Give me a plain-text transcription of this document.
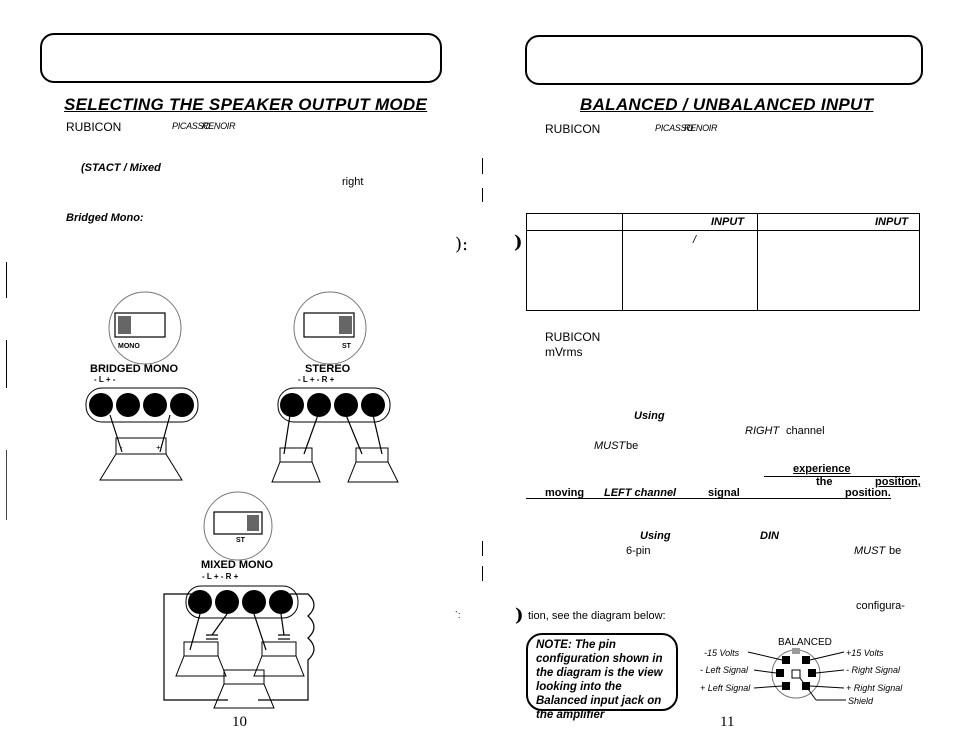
SELECTING THE SPEAKER OUTPUT MODE
RUBICON	PICASSO
RENOIR
(STACT / Mixed
right
Bridged Mono:
):
MONO
BRIDGED MONO
- L + -
-	+
ST
STEREO
- L + - R +
ST
MIXED MONO
- L + - R +
10
BALANCED / UNBALANCED INPUT
RUBICON	PICASSO
RENOIR
)
INPUT	INPUT
/
RUBICON
mVrms
Using
RIGHT channel
MUST be
experience
the	position,
moving LEFT channel	signal	position.
Using	DIN
6-pin	MUST be
configura-
) tion, see the diagram below:
`:
NOTE: The pin configuration shown in the diagram is the view looking into the Balanced input jack on the amplifier
BALANCED
-15 Volts
- Left Signal
+ Left Signal
+15 Volts
- Right Signal
+ Right Signal
Shield
11
